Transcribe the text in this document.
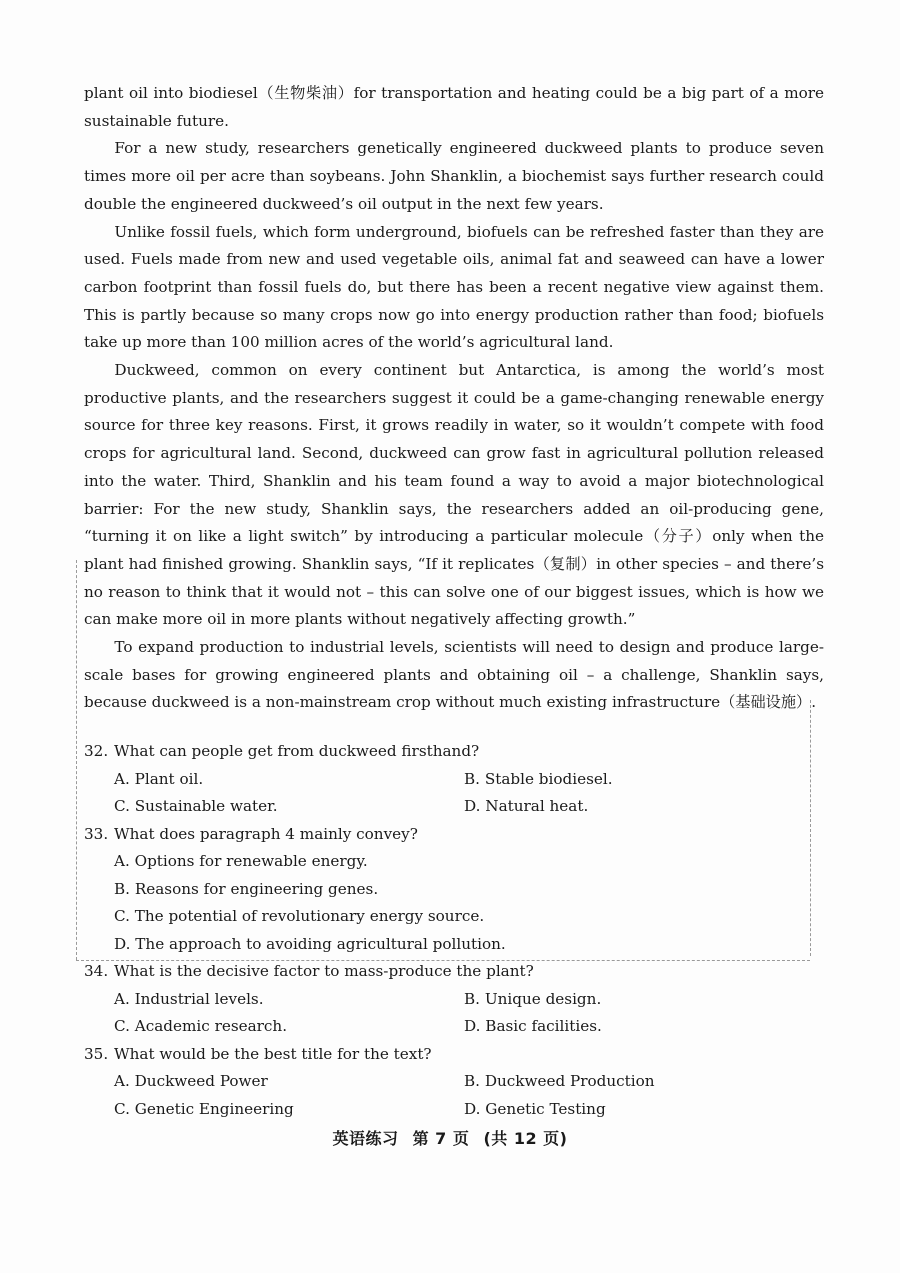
plant oil into biodiesel（生物柴油）for transportation and heating could be a big part of a more sustainable future.

For a new study, researchers genetically engineered duckweed plants to produce seven times more oil per acre than soybeans. John Shanklin, a biochemist says further research could double the engineered duckweed’s oil output in the next few years.

Unlike fossil fuels, which form underground, biofuels can be refreshed faster than they are used. Fuels made from new and used vegetable oils, animal fat and seaweed can have a lower carbon footprint than fossil fuels do, but there has been a recent negative view against them. This is partly because so many crops now go into energy production rather than food; biofuels take up more than 100 million acres of the world’s agricultural land.

Duckweed, common on every continent but Antarctica, is among the world’s most productive plants, and the researchers suggest it could be a game-changing renewable energy source for three key reasons. First, it grows readily in water, so it wouldn’t compete with food crops for agricultural land. Second, duckweed can grow fast in agricultural pollution released into the water. Third, Shanklin and his team found a way to avoid a major biotechnological barrier: For the new study, Shanklin says, the researchers added an oil-producing gene, “turning it on like a light switch” by introducing a particular molecule（分子）only when the plant had finished growing. Shanklin says, “If it replicates（复制）in other species – and there’s no reason to think that it would not – this can solve one of our biggest issues, which is how we can make more oil in more plants without negatively affecting growth.”

To expand production to industrial levels, scientists will need to design and produce large-scale bases for growing engineered plants and obtaining oil – a challenge, Shanklin says, because duckweed is a non-mainstream crop without much existing infrastructure（基础设施）.

32. What can people get from duckweed firsthand?
A. Plant oil.	B. Stable biodiesel.
C. Sustainable water.	D. Natural heat.
33. What does paragraph 4 mainly convey?
A. Options for renewable energy.
B. Reasons for engineering genes.
C. The potential of revolutionary energy source.
D. The approach to avoiding agricultural pollution.
34. What is the decisive factor to mass-produce the plant?
A. Industrial levels.	B. Unique design.
C. Academic research.	D. Basic facilities.
35. What would be the best title for the text?
A. Duckweed Power	B. Duckweed Production
C. Genetic Engineering	D. Genetic Testing
英语练习 第 7 页 (共 12 页)
